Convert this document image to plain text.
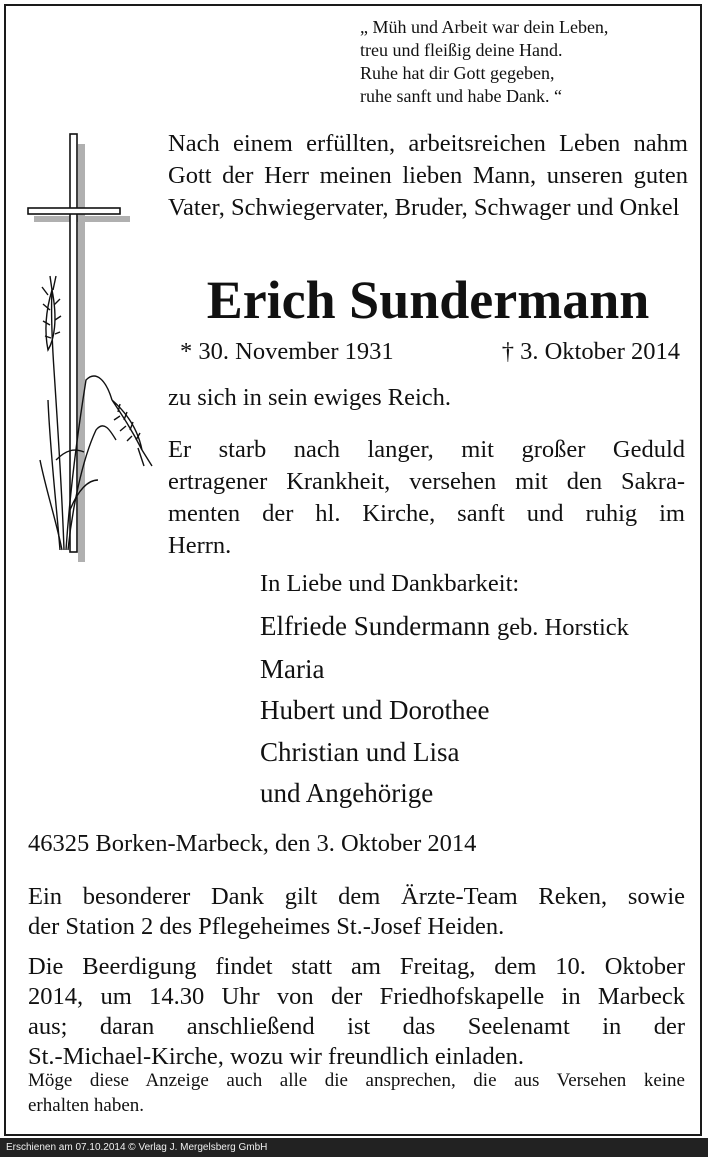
„ Müh und Arbeit war dein Leben,
treu und fleißig deine Hand.
Ruhe hat dir Gott gegeben,
ruhe sanft und habe Dank. “
Nach einem erfüllten, arbeitsreichen Leben nahm Gott der Herr meinen lieben Mann, unseren guten Vater, Schwiegervater, Bruder, Schwager und Onkel
Erich Sundermann
* 30. November 1931	† 3. Oktober 2014
zu sich in sein ewiges Reich.
Er starb nach langer, mit großer Geduld
ertragener Krankheit, versehen mit den Sakra-
menten der hl. Kirche, sanft und ruhig im
Herrn.
In Liebe und Dankbarkeit:
Elfriede Sundermann geb. Horstick
Maria
Hubert und Dorothee
Christian und Lisa
und Angehörige
46325 Borken-Marbeck, den 3. Oktober 2014
Ein besonderer Dank gilt dem Ärzte-Team Reken, sowie
der Station 2 des Pflegeheimes St.-Josef Heiden.
Die Beerdigung findet statt am Freitag, dem 10. Oktober
2014, um 14.30 Uhr von der Friedhofskapelle in Marbeck
aus; daran anschließend ist das Seelenamt in der
St.-Michael-Kirche, wozu wir freundlich einladen.
Möge diese Anzeige auch alle die ansprechen, die aus Versehen keine
erhalten haben.
Erschienen am 07.10.2014 © Verlag J. Mergelsberg GmbH
